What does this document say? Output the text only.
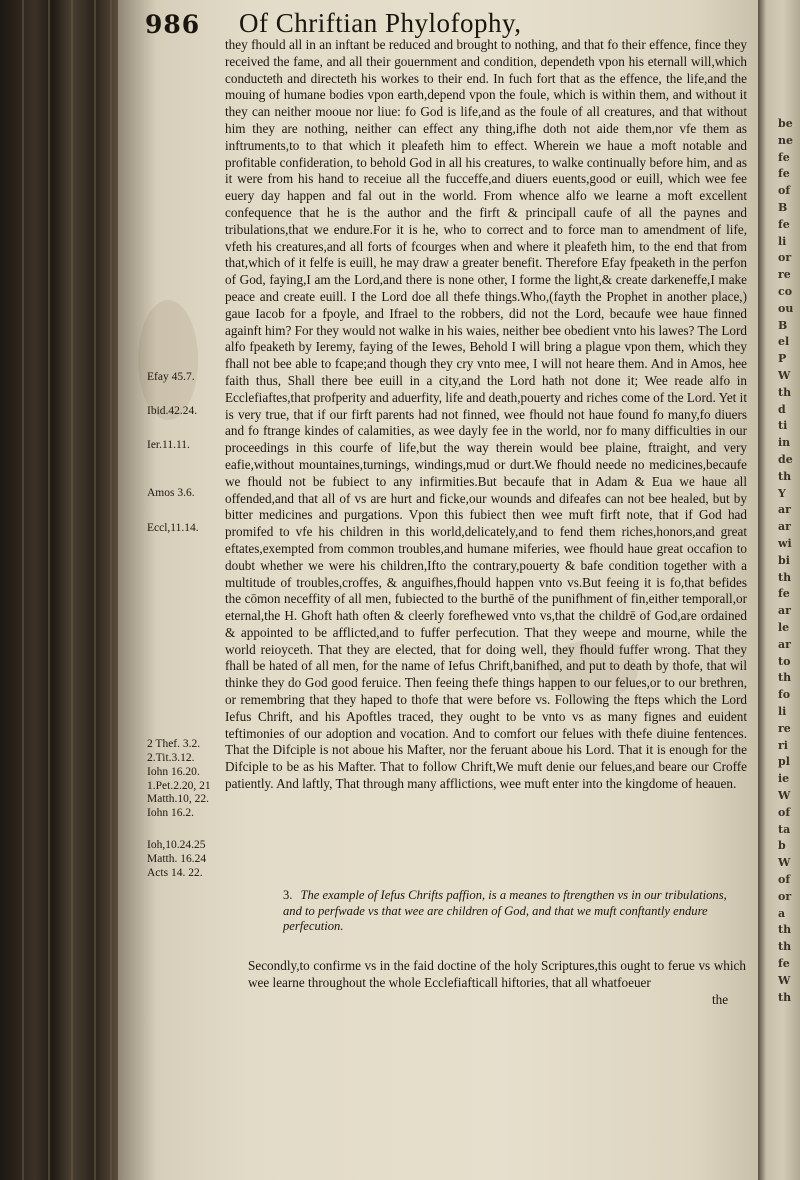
be
ne
fe
fe
of
B
fe
li
or
re
co
ou
B
el
P
W
th
d
ti
in
de
th
Y
ar
ar
wi
bi
th
fe
ar
le
ar
to
th
fo
li
re
ri
pl
ie
W
of
ta
b
W
of
or
a
th
th
fe
W
th
986 Of Chriftian Phylofophy,
Efay 45.7.
Ibid.42.24.
Ier.11.11.
Amos 3.6.
Eccl,11.14.
2 Thef. 3.2.
2.Tit.3.12.
Iohn 16.20.
1.Pet.2.20, 21
Matth.10, 22.
Iohn 16.2.
Ioh,10.24.25
Matth. 16.24
Acts 14. 22.

they fhould all in an inftant be reduced and brought to nothing, and that fo their effence, fince they received the fame, and all their gouernment and condition, dependeth vpon his eternall will,which conducteth and directeth his workes to their end. In fuch fort that as the effence, the life,and the mouing of humane bodies vpon earth,depend vpon the foule, which is within them, and without it they can neither mooue nor liue: fo God is life,and as the foule of all creatures, and that without him they are nothing, neither can effect any thing,ifhe doth not aide them,nor vfe them as inftruments,to to that which it pleafeth him to effect. Wherein we haue a moft notable and profitable confideration, to behold God in all his creatures, to walke continually before him, and as it were from his hand to receiue all the fucceffe,and diuers euents,good or euill, which wee fee euery day happen and fal out in the world. From whence alfo we learne a moft excellent confequence that he is the author and the firft & principall caufe of all the paynes and tribulations,that we endure.For it is he, who to correct and to force man to amendment of life, vfeth his creatures,and all forts of fcourges when and where it pleafeth him, to the end that from that,which of it felfe is euill, he may draw a greater benefit. Therefore Efay fpeaketh in the perfon of God, faying,I am the Lord,and there is none other, I forme the light,& create darkeneffe,I make peace and create euill. I the Lord doe all thefe things.Who,(fayth the Prophet in another place,) gaue Iacob for a fpoyle, and Ifrael to the robbers, did not the Lord, becaufe wee haue finned againft him? For they would not walke in his waies, neither bee obedient vnto his lawes? The Lord alfo fpeaketh by Ieremy, faying of the Iewes, Behold I will bring a plague vpon them, which they fhall not bee able to fcape;and though they cry vnto mee, I will not heare them. And in Amos, hee faith thus, Shall there bee euill in a city,and the Lord hath not done it; Wee reade alfo in Ecclefiaftes,that profperity and aduerfity, life and death,pouerty and riches come of the Lord. Yet it is very true, that if our firft parents had not finned, wee fhould not haue found fo many,fo diuers and fo ftrange kindes of calamities, as wee dayly fee in the world, nor fo many difficulties in our proceedings in this courfe of life,but the way therein would bee plaine, ftraight, and very eafie,without mountaines,turnings, windings,mud or durt.We fhould neede no medicines,becaufe we fhould not be fubiect to any infirmities.But becaufe that in Adam & Eua we haue all offended,and that all of vs are hurt and ficke,our wounds and difeafes can not bee healed, but by bitter medicines and purgations. Vpon this fubiect then wee muft firft note, that if God had promifed to vfe his children in this world,delicately,and to fend them riches,honors,and great eftates,exempted from common troubles,and humane miferies, wee fhould haue great occafion to doubt whether we were his children,Ifto the contrary,pouerty & bafe condition together with a multitude of troubles,croffes, & anguifhes,fhould happen vnto vs.But feeing it is fo,that befides the cōmon neceffity of all men, fubiected to the burthē of the punifhment of fin,either temporall,or eternal,the H. Ghoft hath often & cleerly forefhewed vnto vs,that the childrē of God,are ordained & appointed to be afflicted,and to fuffer perfecution. That they weepe and mourne, while the world reioyceth. That they are elected, that for doing well, they fhould fuffer wrong. That they fhall be hated of all men, for the name of Iefus Chrift,banifhed, and put to death by thofe, that wil thinke they do God good feruice. Then feeing thefe things happen to our felues,or to our brethren, or remembring that they haped to thofe that were before vs. Following the fteps which the Lord Iefus Chrift, and his Apoftles traced, they ought to be vnto vs as many fignes and euident teftimonies of our adoption and vocation. And to comfort our felues with thefe diuine fentences. That the Difciple is not aboue his Mafter, nor the feruant aboue his Lord. That it is enough for the Difciple to be as his Mafter. That to follow Chrift,We muft denie our felues,and beare our Croffe patiently. And laftly, That through many afflictions, wee muft enter into the kingdome of heauen.

3. The example of Iefus Chrifts paffion, is a meanes to ftrengthen vs in our tribulations, and to perfwade vs that wee are children of God, and that we muft conftantly endure perfecution.
Secondly,to confirme vs in the faid doctine of the holy Scriptures,this ought to ferue vs which wee learne throughout the whole Ecclefiafticall hiftories, that all whatfoeuer
the
